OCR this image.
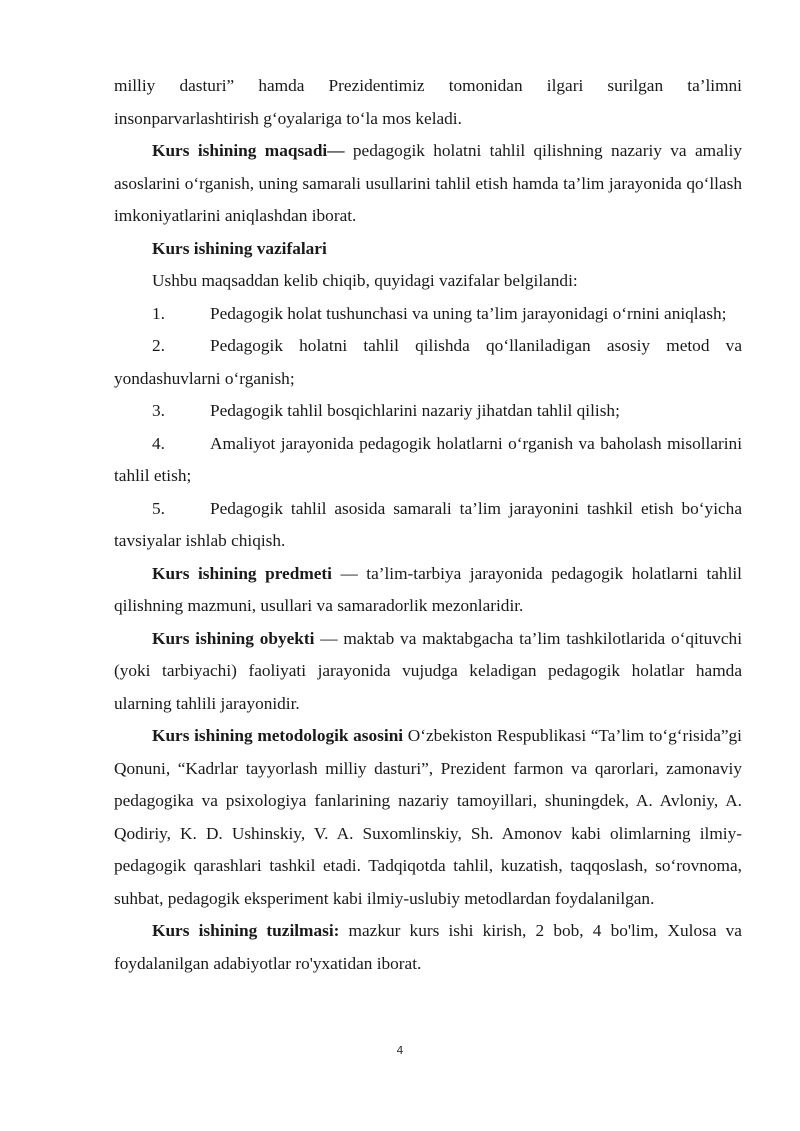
milliy dasturi” hamda Prezidentimiz tomonidan ilgari surilgan ta’limni insonparvarlashtirish g‘oyalariga to‘la mos keladi.

Kurs ishining maqsadi— pedagogik holatni tahlil qilishning nazariy va amaliy asoslarini o‘rganish, uning samarali usullarini tahlil etish hamda ta’lim jarayonida qo‘llash imkoniyatlarini aniqlashdan iborat.

Kurs ishining vazifalari

Ushbu maqsaddan kelib chiqib, quyidagi vazifalar belgilandi:

1.	Pedagogik holat tushunchasi va uning ta’lim jarayonidagi o‘rnini aniqlash;

2.	Pedagogik holatni tahlil qilishda qo‘llaniladigan asosiy metod va yondashuvlarni o‘rganish;

3.	Pedagogik tahlil bosqichlarini nazariy jihatdan tahlil qilish;

4.	Amaliyot jarayonida pedagogik holatlarni o‘rganish va baholash misollarini tahlil etish;

5.	Pedagogik tahlil asosida samarali ta’lim jarayonini tashkil etish bo‘yicha tavsiyalar ishlab chiqish.

Kurs ishining predmeti — ta’lim-tarbiya jarayonida pedagogik holatlarni tahlil qilishning mazmuni, usullari va samaradorlik mezonlaridir.

Kurs ishining obyekti — maktab va maktabgacha ta’lim tashkilotlarida o‘qituvchi (yoki tarbiyachi) faoliyati jarayonida vujudga keladigan pedagogik holatlar hamda ularning tahlili jarayonidir.

Kurs ishining metodologik asosini O‘zbekiston Respublikasi “Ta’lim to‘g‘risida”gi Qonuni, “Kadrlar tayyorlash milliy dasturi”, Prezident farmon va qarorlari, zamonaviy pedagogika va psixologiya fanlarining nazariy tamoyillari, shuningdek, A. Avloniy, A. Qodiriy, K. D. Ushinskiy, V. A. Suxomlinskiy, Sh. Amonov kabi olimlarning ilmiy-pedagogik qarashlari tashkil etadi. Tadqiqotda tahlil, kuzatish, taqqoslash, so‘rovnoma, suhbat, pedagogik eksperiment kabi ilmiy-uslubiy metodlardan foydalanilgan.

Kurs ishining tuzilmasi: mazkur kurs ishi kirish, 2 bob, 4 bo'lim, Xulosa va foydalanilgan adabiyotlar ro'yxatidan iborat.

4
